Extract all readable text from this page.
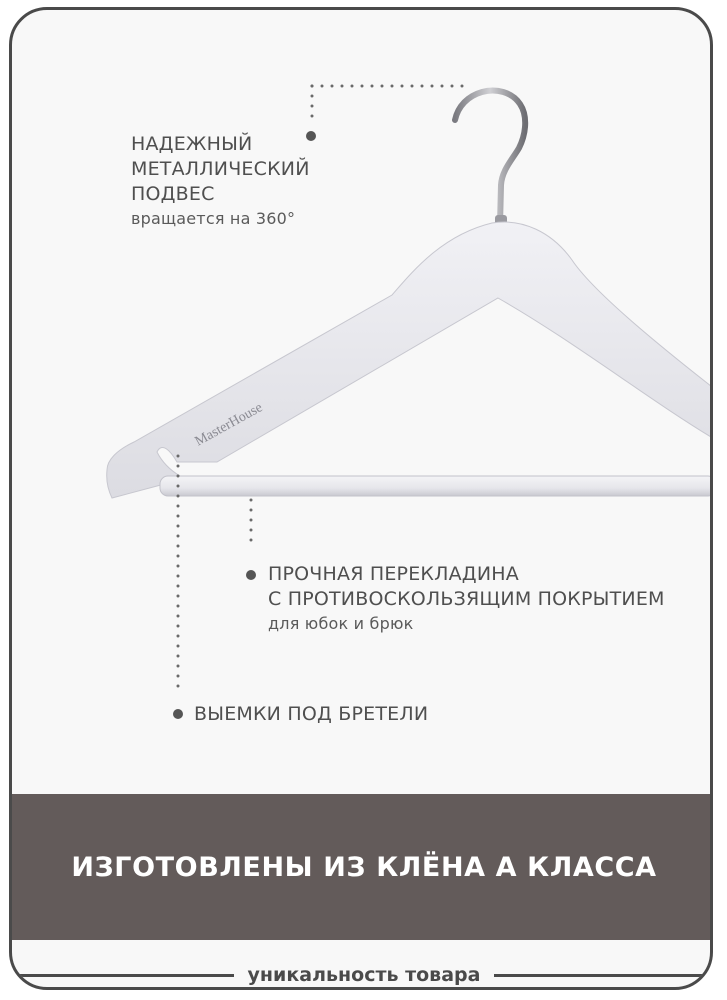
MasterHouse
НАДЕЖНЫЙ
МЕТАЛЛИЧЕСКИЙ
ПОДВЕС
вращается на 360°
ПРОЧНАЯ ПЕРЕКЛАДИНА
С ПРОТИВОСКОЛЬЗЯЩИМ ПОКРЫТИЕМ
для юбок и брюк
ВЫЕМКИ ПОД БРЕТЕЛИ
ИЗГОТОВЛЕНЫ ИЗ КЛЁНА А КЛАССА
уникальность товара
